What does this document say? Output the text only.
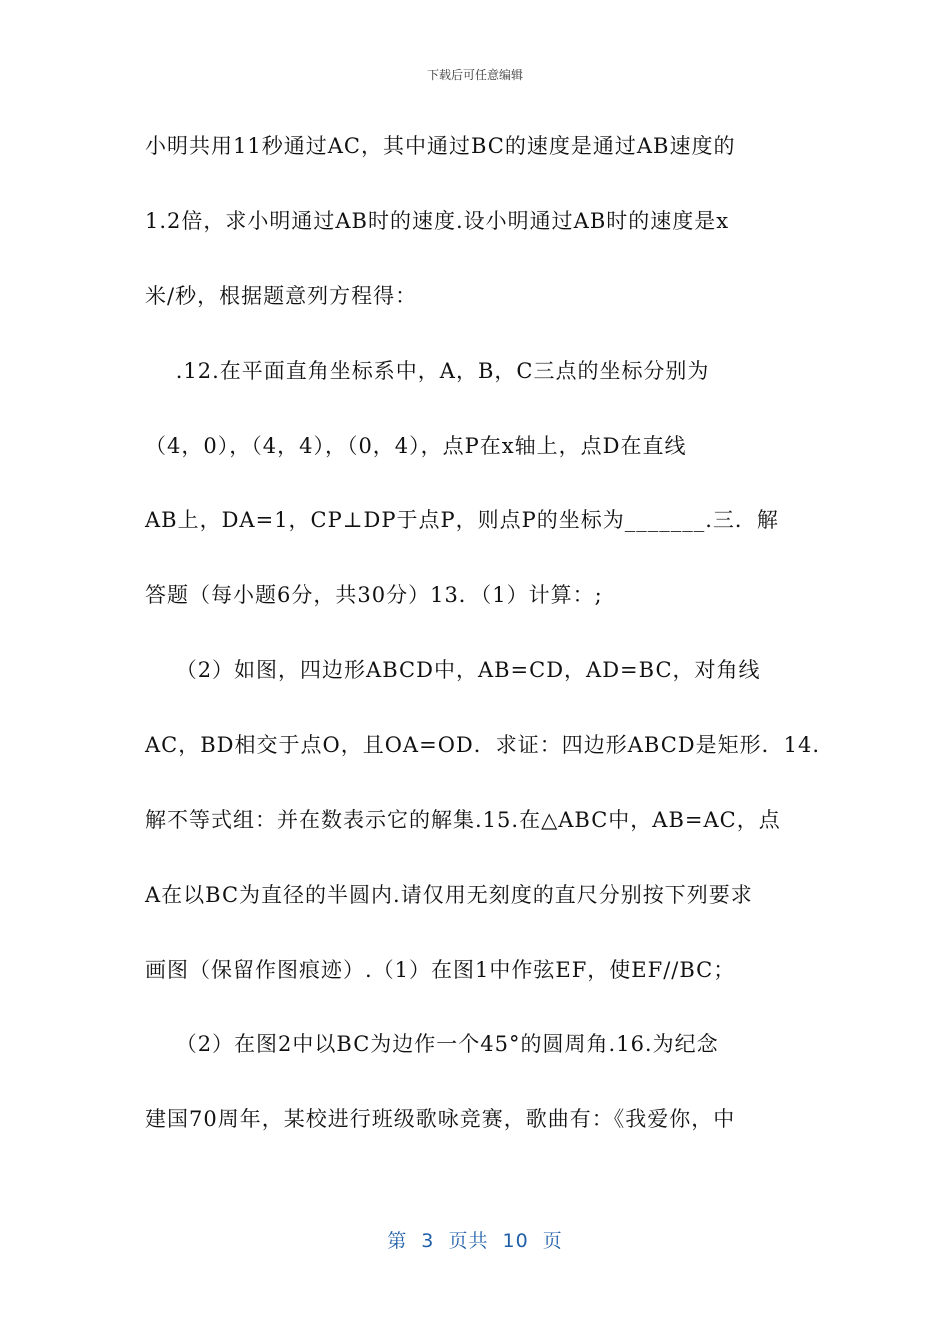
下载后可任意编辑
小明共用11秒通过AC，其中通过BC的速度是通过AB速度的
1.2倍，求小明通过AB时的速度.设小明通过AB时的速度是x
米/秒，根据题意列方程得：
.12.在平面直角坐标系中，A，B，C三点的坐标分别为
（4，0），（4，4），（0，4），点P在x轴上，点D在直线
AB上，DA=1，CP⊥DP于点P，则点P的坐标为_______.三．解
答题（每小题6分，共30分）13．（1）计算：;
（2）如图，四边形ABCD中，AB=CD，AD=BC，对角线
AC，BD相交于点O，且OA=OD．求证：四边形ABCD是矩形．14.
解不等式组：并在数表示它的解集.15.在△ABC中，AB=AC，点
A在以BC为直径的半圆内.请仅用无刻度的直尺分别按下列要求
画图（保留作图痕迹）.（1）在图1中作弦EF，使EF//BC；
（2）在图2中以BC为边作一个45°的圆周角.16.为纪念
建国70周年，某校进行班级歌咏竞赛，歌曲有：《我爱你，中
第  3  页共  10  页
